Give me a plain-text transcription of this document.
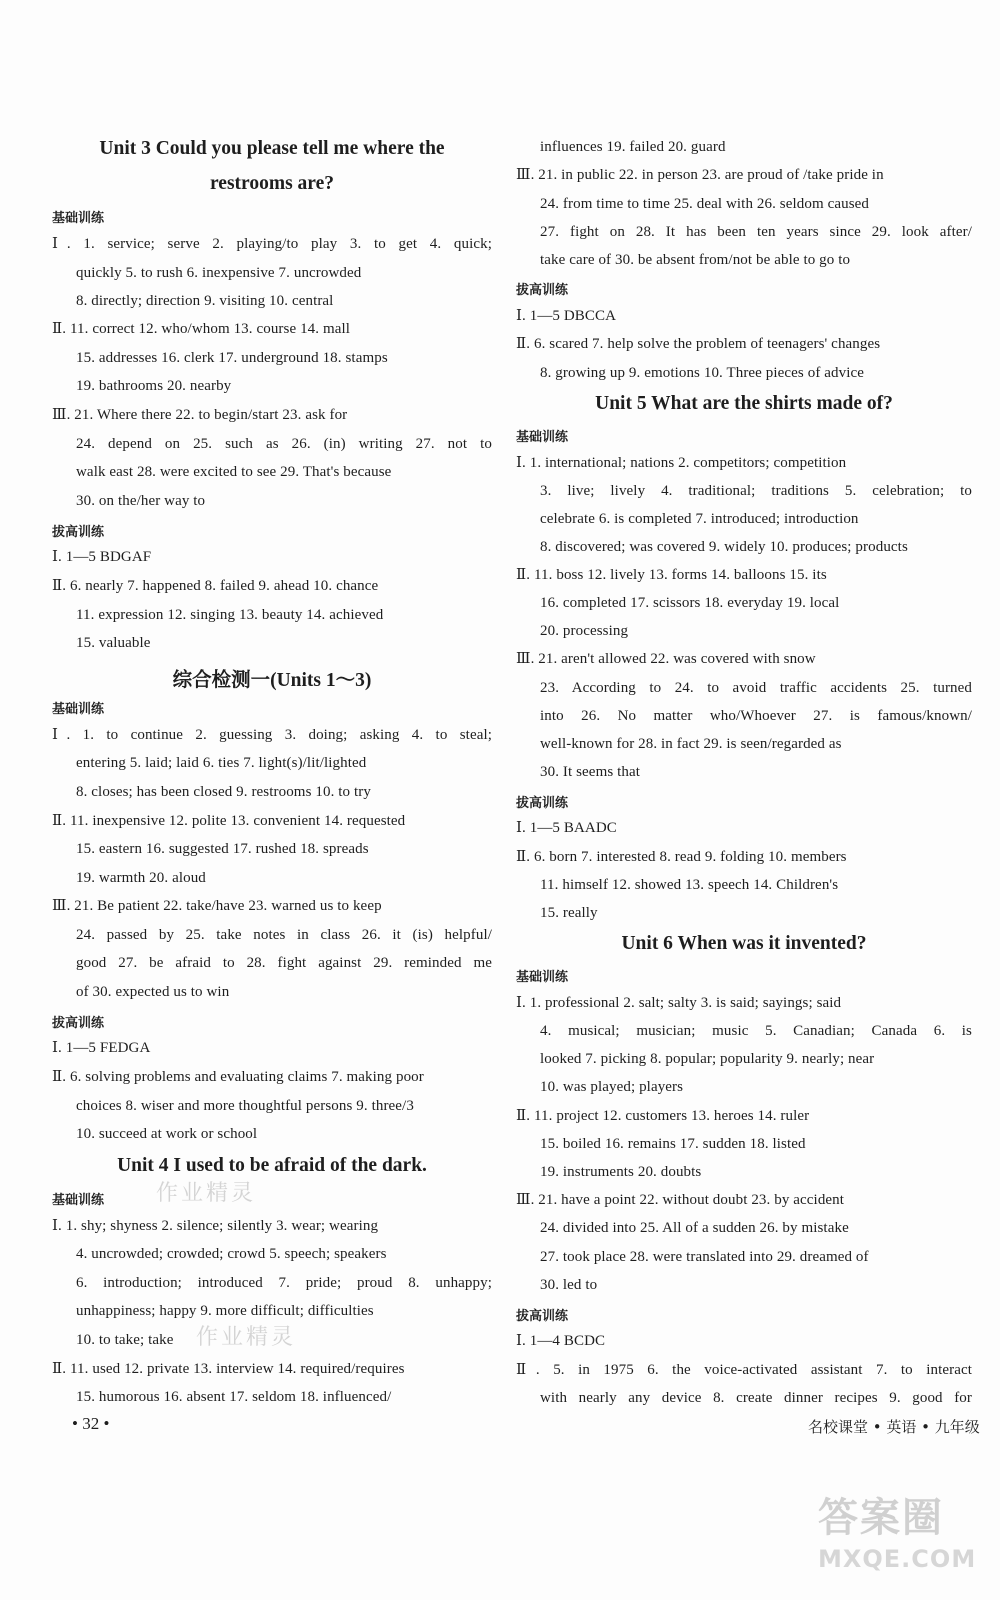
Unit 3 Could you please tell me where the
restrooms are?
基础训练
Ⅰ. 1. service; serve 2. playing/to play 3. to get 4. quick;
quickly 5. to rush 6. inexpensive 7. uncrowded
8. directly; direction 9. visiting 10. central
Ⅱ. 11. correct 12. who/whom 13. course 14. mall
15. addresses 16. clerk 17. underground 18. stamps
19. bathrooms 20. nearby
Ⅲ. 21. Where there 22. to begin/start 23. ask for
24. depend on 25. such as 26. (in) writing 27. not to
walk east 28. were excited to see 29. That's because
30. on the/her way to
拔高训练
Ⅰ. 1—5 BDGAF
Ⅱ. 6. nearly 7. happened 8. failed 9. ahead 10. chance
11. expression 12. singing 13. beauty 14. achieved
15. valuable
综合检测一(Units 1～3)
基础训练
Ⅰ. 1. to continue 2. guessing 3. doing; asking 4. to steal;
entering 5. laid; laid 6. ties 7. light(s)/lit/lighted
8. closes; has been closed 9. restrooms 10. to try
Ⅱ. 11. inexpensive 12. polite 13. convenient 14. requested
15. eastern 16. suggested 17. rushed 18. spreads
19. warmth 20. aloud
Ⅲ. 21. Be patient 22. take/have 23. warned us to keep
24. passed by 25. take notes in class 26. it (is) helpful/
good 27. be afraid to 28. fight against 29. reminded me
of 30. expected us to win
拔高训练
Ⅰ. 1—5 FEDGA
Ⅱ. 6. solving problems and evaluating claims 7. making poor
choices 8. wiser and more thoughtful persons 9. three/3
10. succeed at work or school
Unit 4 I used to be afraid of the dark.
基础训练
Ⅰ. 1. shy; shyness 2. silence; silently 3. wear; wearing
4. uncrowded; crowded; crowd 5. speech; speakers
6. introduction; introduced 7. pride; proud 8. unhappy;
unhappiness; happy 9. more difficult; difficulties
10. to take; take
Ⅱ. 11. used 12. private 13. interview 14. required/requires
15. humorous 16. absent 17. seldom 18. influenced/
influences 19. failed 20. guard
Ⅲ. 21. in public 22. in person 23. are proud of /take pride in
24. from time to time 25. deal with 26. seldom caused
27. fight on 28. It has been ten years since 29. look after/
take care of 30. be absent from/not be able to go to
拔高训练
Ⅰ. 1—5 DBCCA
Ⅱ. 6. scared 7. help solve the problem of teenagers' changes
8. growing up 9. emotions 10. Three pieces of advice
Unit 5 What are the shirts made of?
基础训练
Ⅰ. 1. international; nations 2. competitors; competition
3. live; lively 4. traditional; traditions 5. celebration; to
celebrate 6. is completed 7. introduced; introduction
8. discovered; was covered 9. widely 10. produces; products
Ⅱ. 11. boss 12. lively 13. forms 14. balloons 15. its
16. completed 17. scissors 18. everyday 19. local
20. processing
Ⅲ. 21. aren't allowed 22. was covered with snow
23. According to 24. to avoid traffic accidents 25. turned
into 26. No matter who/Whoever 27. is famous/known/
well-known for 28. in fact 29. is seen/regarded as
30. It seems that
拔高训练
Ⅰ. 1—5 BAADC
Ⅱ. 6. born 7. interested 8. read 9. folding 10. members
11. himself 12. showed 13. speech 14. Children's
15. really
Unit 6 When was it invented?
基础训练
Ⅰ. 1. professional 2. salt; salty 3. is said; sayings; said
4. musical; musician; music 5. Canadian; Canada 6. is
looked 7. picking 8. popular; popularity 9. nearly; near
10. was played; players
Ⅱ. 11. project 12. customers 13. heroes 14. ruler
15. boiled 16. remains 17. sudden 18. listed
19. instruments 20. doubts
Ⅲ. 21. have a point 22. without doubt 23. by accident
24. divided into 25. All of a sudden 26. by mistake
27. took place 28. were translated into 29. dreamed of
30. led to
拔高训练
Ⅰ. 1—4 BCDC
Ⅱ. 5. in 1975 6. the voice-activated assistant 7. to interact
with nearly any device 8. create dinner recipes 9. good for
作业精灵
作业精灵
• 32 •	名校课堂 • 英语 • 九年级
答案圈
MXQE.COM
